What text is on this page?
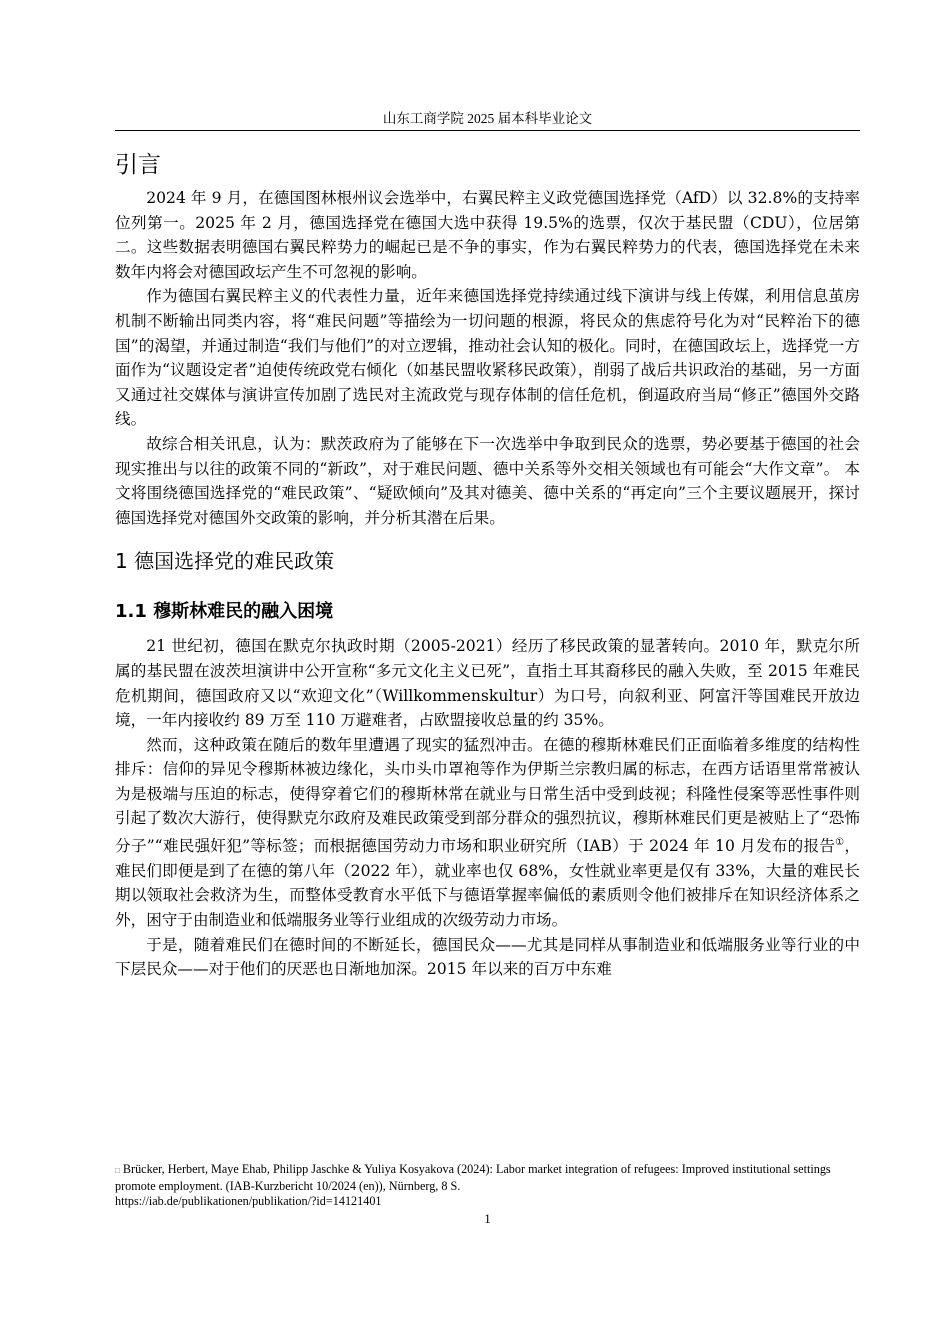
山东工商学院 2025 届本科毕业论文
引言

2024 年 9 月，在德国图林根州议会选举中，右翼民粹主义政党德国选择党（AfD）以 32.8%的支持率位列第一。2025 年 2 月，德国选择党在德国大选中获得 19.5%的选票，仅次于基民盟（CDU），位居第二。这些数据表明德国右翼民粹势力的崛起已是不争的事实，作为右翼民粹势力的代表，德国选择党在未来数年内将会对德国政坛产生不可忽视的影响。

作为德国右翼民粹主义的代表性力量，近年来德国选择党持续通过线下演讲与线上传媒，利用信息茧房机制不断输出同类内容，将“难民问题”等描绘为一切问题的根源，将民众的焦虑符号化为对“民粹治下的德国”的渴望，并通过制造“我们与他们”的对立逻辑，推动社会认知的极化。同时，在德国政坛上，选择党一方面作为“议题设定者”迫使传统政党右倾化（如基民盟收紧移民政策），削弱了战后共识政治的基础，另一方面又通过社交媒体与演讲宣传加剧了选民对主流政党与现存体制的信任危机，倒逼政府当局“修正”德国外交路线。

故综合相关讯息，认为：默茨政府为了能够在下一次选举中争取到民众的选票，势必要基于德国的社会现实推出与以往的政策不同的“新政”，对于难民问题、德中关系等外交相关领域也有可能会“大作文章”。 本文将围绕德国选择党的“难民政策”、“疑欧倾向”及其对德美、德中关系的“再定向”三个主要议题展开，探讨德国选择党对德国外交政策的影响，并分析其潜在后果。

1 德国选择党的难民政策
1.1 穆斯林难民的融入困境

21 世纪初，德国在默克尔执政时期（2005-2021）经历了移民政策的显著转向。2010 年，默克尔所属的基民盟在波茨坦演讲中公开宣称“多元文化主义已死”，直指土耳其裔移民的融入失败，至 2015 年难民危机期间，德国政府又以“欢迎文化”（Willkommenskultur）为口号，向叙利亚、阿富汗等国难民开放边境，一年内接收约 89 万至 110 万避难者，占欧盟接收总量的约 35%。

然而，这种政策在随后的数年里遭遇了现实的猛烈冲击。在德的穆斯林难民们正面临着多维度的结构性排斥：信仰的异见令穆斯林被边缘化，头巾头巾罩袍等作为伊斯兰宗教归属的标志，在西方话语里常常被认为是极端与压迫的标志，使得穿着它们的穆斯林常在就业与日常生活中受到歧视；科隆性侵案等恶性事件则引起了数次大游行，使得默克尔政府及难民政策受到部分群众的强烈抗议，穆斯林难民们更是被贴上了“恐怖分子”“难民强奸犯”等标签；而根据德国劳动力市场和职业研究所（IAB）于 2024 年 10 月发布的报告①，难民们即便是到了在德的第八年（2022 年），就业率也仅 68%，女性就业率更是仅有 33%，大量的难民长期以领取社会救济为生，而整体受教育水平低下与德语掌握率偏低的素质则令他们被排斥在知识经济体系之外，困守于由制造业和低端服务业等行业组成的次级劳动力市场。

于是，随着难民们在德时间的不断延长，德国民众——尤其是同样从事制造业和低端服务业等行业的中下层民众——对于他们的厌恶也日渐地加深。2015 年以来的百万中东难

□ Brücker, Herbert, Maye Ehab, Philipp Jaschke & Yuliya Kosyakova (2024): Labor market integration of refugees: Improved institutional settings promote employment. (IAB-Kurzbericht 10/2024 (en)), Nürnberg, 8 S.
https://iab.de/publikationen/publikation/?id=14121401
1
